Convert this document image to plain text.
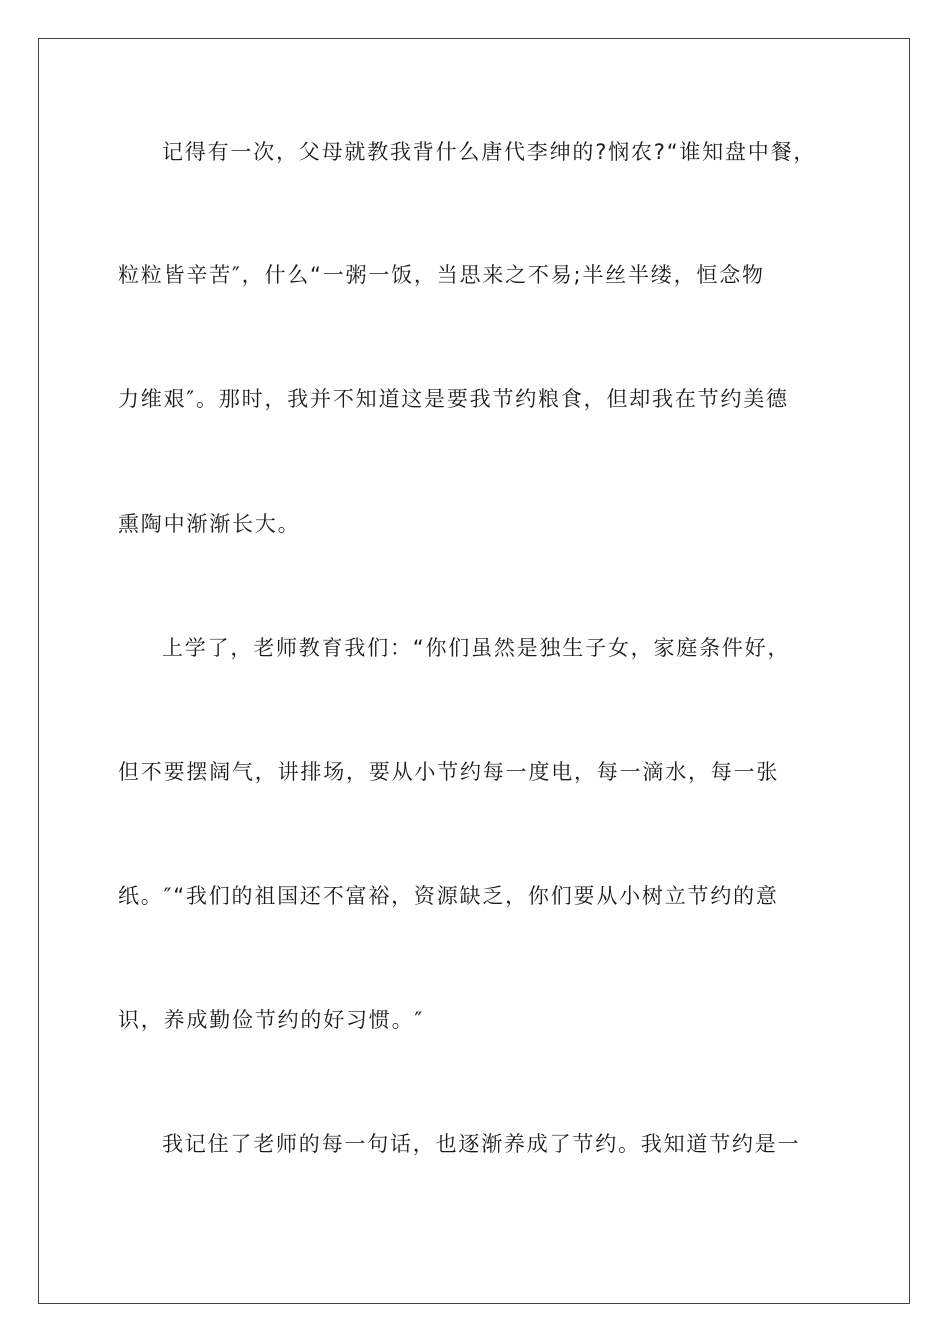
记得有一次，父母就教我背什么唐代李绅的?悯农?“谁知盘中餐，
粒粒皆辛苦″，什么“一粥一饭，当思来之不易;半丝半缕，恒念物
力维艰″。那时，我并不知道这是要我节约粮食，但却我在节约美德
熏陶中渐渐长大。
上学了，老师教育我们：“你们虽然是独生子女，家庭条件好，
但不要摆阔气，讲排场，要从小节约每一度电，每一滴水，每一张
纸。″“我们的祖国还不富裕，资源缺乏，你们要从小树立节约的意
识，养成勤俭节约的好习惯。″
我记住了老师的每一句话，也逐渐养成了节约。我知道节约是一
